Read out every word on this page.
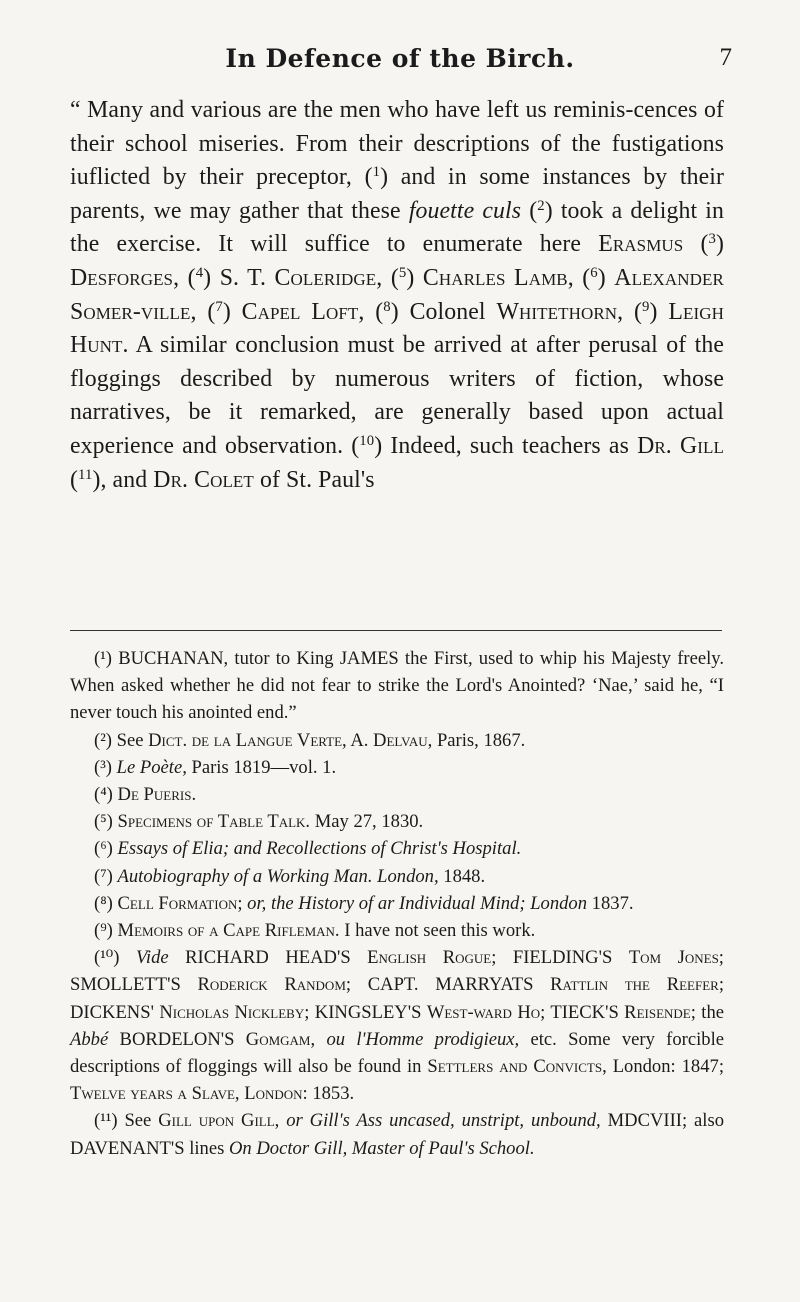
In Defence of the Birch.	7

“ Many and various are the men who have left us reminis-cences of their school miseries. From their descriptions of the fustigations iuflicted by their preceptor, ($^1$) and in some instances by their parents, we may gather that these fouette culs ($^2$) took a delight in the exercise. It will suffice to enumerate here Erasmus ($^3$) Desforges, ($^4$) S. T. Coleridge, ($^5$) Charles Lamb, ($^6$) Alexander Somer-ville, ($^7$) Capel Loft, ($^8$) Colonel Whitethorn, ($^9$) Leigh Hunt. A similar conclusion must be arrived at after perusal of the floggings described by numerous writers of fiction, whose narratives, be it remarked, are generally based upon actual experience and observation. ($^{10}$) Indeed, such teachers as Dr. Gill ($^{11}$), and Dr. Colet of St. Paul's

(¹) BUCHANAN, tutor to King JAMES the First, used to whip his Majesty freely. When asked whether he did not fear to strike the Lord's Anointed? ‘Nae,’ said he, “I never touch his anointed end.”

(²) See Dict. de la Langue Verte, A. Delvau, Paris, 1867.

(³) Le Poète, Paris 1819—vol. 1.

(⁴) De Pueris.

(⁵) Specimens of Table Talk. May 27, 1830.

(⁶) Essays of Elia; and Recollections of Christ's Hospital.

(⁷) Autobiography of a Working Man. London, 1848.

(⁸) Cell Formation; or, the History of ar Individual Mind; London 1837.

(⁹) Memoirs of a Cape Rifleman. I have not seen this work.

(¹⁰) Vide RICHARD HEAD'S English Rogue; FIELDING'S Tom Jones; SMOLLETT'S Roderick Random; CAPT. MARRYATS Rattlin the Reefer; DICKENS' Nicholas Nickleby; KINGSLEY'S West-ward Ho; TIECK'S Reisende; the Abbé BORDELON'S Gomgam, ou l'Homme prodigieux, etc. Some very forcible descriptions of floggings will also be found in Settlers and Convicts, London: 1847; Twelve years a Slave, London: 1853.

(¹¹) See Gill upon Gill, or Gill's Ass uncased, unstript, unbound, MDCVIII; also DAVENANT'S lines On Doctor Gill, Master of Paul's School.
